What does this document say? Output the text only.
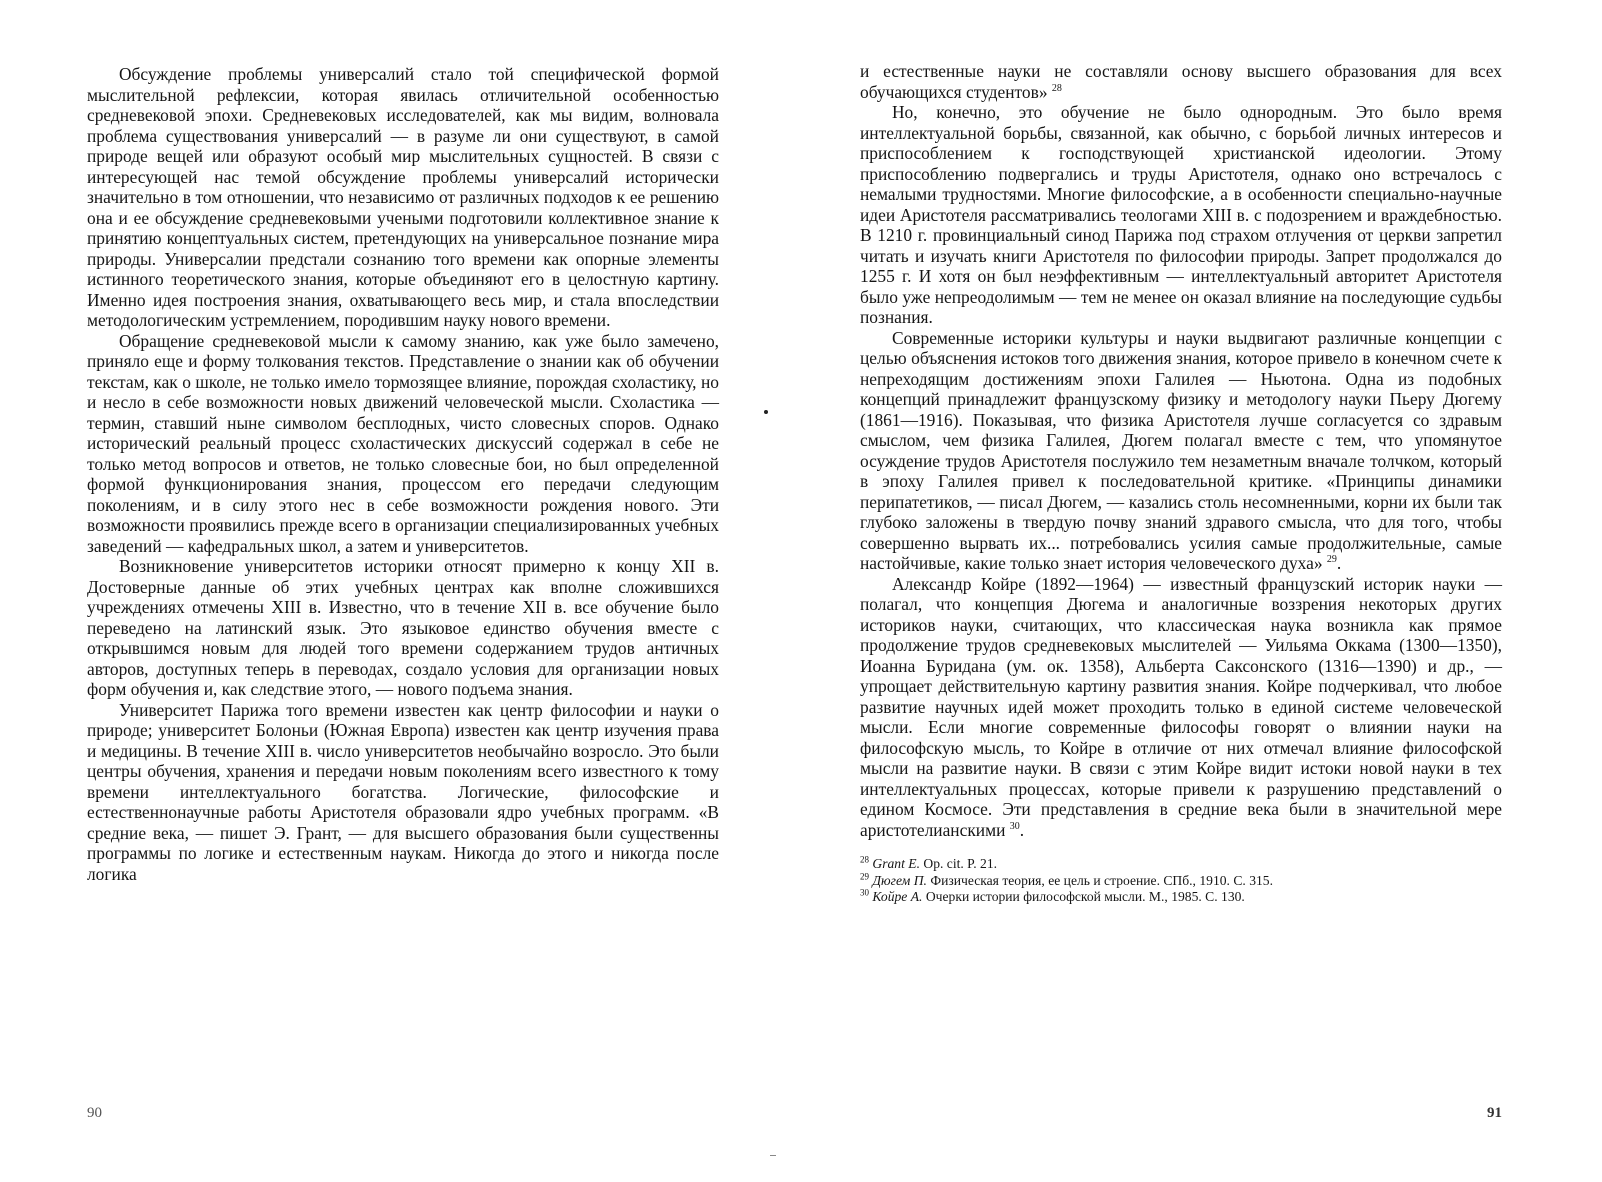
Обсуждение проблемы универсалий стало той специфической формой мыслительной рефлексии, которая явилась отличительной особенностью средневековой эпохи. Средневековых исследователей, как мы видим, волновала проблема существования универсалий — в разуме ли они существуют, в самой природе вещей или образуют особый мир мыслительных сущностей. В связи с интересующей нас темой обсуждение проблемы универсалий исторически значительно в том отношении, что независимо от различных подходов к ее решению она и ее обсуждение средневековыми учеными подготовили коллективное знание к принятию концептуальных систем, претендующих на универсальное познание мира природы. Универсалии предстали сознанию того времени как опорные элементы истинного теоретического знания, которые объединяют его в целостную картину. Именно идея построения знания, охватывающего весь мир, и стала впоследствии методологическим устремлением, породившим науку нового времени.

Обращение средневековой мысли к самому знанию, как уже было замечено, приняло еще и форму толкования текстов. Представление о знании как об обучении текстам, как о школе, не только имело тормозящее влияние, порождая схоластику, но и несло в себе возможности новых движений человеческой мысли. Схоластика — термин, ставший ныне символом бесплодных, чисто словесных споров. Однако исторический реальный процесс схоластических дискуссий содержал в себе не только метод вопросов и ответов, не только словесные бои, но был определенной формой функционирования знания, процессом его передачи следующим поколениям, и в силу этого нес в себе возможности рождения нового. Эти возможности проявились прежде всего в организации специализированных учебных заведений — кафедральных школ, а затем и университетов.

Возникновение университетов историки относят примерно к концу XII в. Достоверные данные об этих учебных центрах как вполне сложившихся учреждениях отмечены XIII в. Известно, что в течение XII в. все обучение было переведено на латинский язык. Это языковое единство обучения вместе с открывшимся новым для людей того времени содержанием трудов античных авторов, доступных теперь в переводах, создало условия для организации новых форм обучения и, как следствие этого, — нового подъема знания.

Университет Парижа того времени известен как центр философии и науки о природе; университет Болоньи (Южная Европа) известен как центр изучения права и медицины. В течение XIII в. число университетов необычайно возросло. Это были центры обучения, хранения и передачи новым поколениям всего известного к тому времени интеллектуального богатства. Логические, философские и естественнонаучные работы Аристотеля образовали ядро учебных программ. «В средние века, — пишет Э. Грант, — для высшего образования были существенны программы по логике и естественным наукам. Никогда до этого и никогда после логика

90

и естественные науки не составляли основу высшего образования для всех обучающихся студентов» $^{28}$

Но, конечно, это обучение не было однородным. Это было время интеллектуальной борьбы, связанной, как обычно, с борьбой личных интересов и приспособлением к господствующей христианской идеологии. Этому приспособлению подвергались и труды Аристотеля, однако оно встречалось с немалыми трудностями. Многие философские, а в особенности специально-научные идеи Аристотеля рассматривались теологами XIII в. с подозрением и враждебностью. В 1210 г. провинциальный синод Парижа под страхом отлучения от церкви запретил читать и изучать книги Аристотеля по философии природы. Запрет продолжался до 1255 г. И хотя он был неэффективным — интеллектуальный авторитет Аристотеля было уже непреодолимым — тем не менее он оказал влияние на последующие судьбы познания.

Современные историки культуры и науки выдвигают различные концепции с целью объяснения истоков того движения знания, которое привело в конечном счете к непреходящим достижениям эпохи Галилея — Ньютона. Одна из подобных концепций принадлежит французскому физику и методологу науки Пьеру Дюгему (1861—1916). Показывая, что физика Аристотеля лучше согласуется со здравым смыслом, чем физика Галилея, Дюгем полагал вместе с тем, что упомянутое осуждение трудов Аристотеля послужило тем незаметным вначале толчком, который в эпоху Галилея привел к последовательной критике. «Принципы динамики перипатетиков, — писал Дюгем, — казались столь несомненными, корни их были так глубоко заложены в твердую почву знаний здравого смысла, что для того, чтобы совершенно вырвать их... потребовались усилия самые продолжительные, самые настойчивые, какие только знает история человеческого духа» $^{29}$.

Александр Койре (1892—1964) — известный французский историк науки — полагал, что концепция Дюгема и аналогичные воззрения некоторых других историков науки, считающих, что классическая наука возникла как прямое продолжение трудов средневековых мыслителей — Уильяма Оккама (1300—1350), Иоанна Буридана (ум. ок. 1358), Альберта Саксонского (1316—1390) и др., — упрощает действительную картину развития знания. Койре подчеркивал, что любое развитие научных идей может проходить только в единой системе человеческой мысли. Если многие современные философы говорят о влиянии науки на философскую мысль, то Койре в отличие от них отмечал влияние философской мысли на развитие науки. В связи с этим Койре видит истоки новой науки в тех интеллектуальных процессах, которые привели к разрушению представлений о едином Космосе. Эти представления в средние века были в значительной мере аристотелианскими $^{30}$.

$^{28}$ Grant E. Op. cit. P. 21.
$^{29}$ Дюгем П. Физическая теория, ее цель и строение. СПб., 1910. С. 315.
$^{30}$ Койре А. Очерки истории философской мысли. М., 1985. С. 130.
91
